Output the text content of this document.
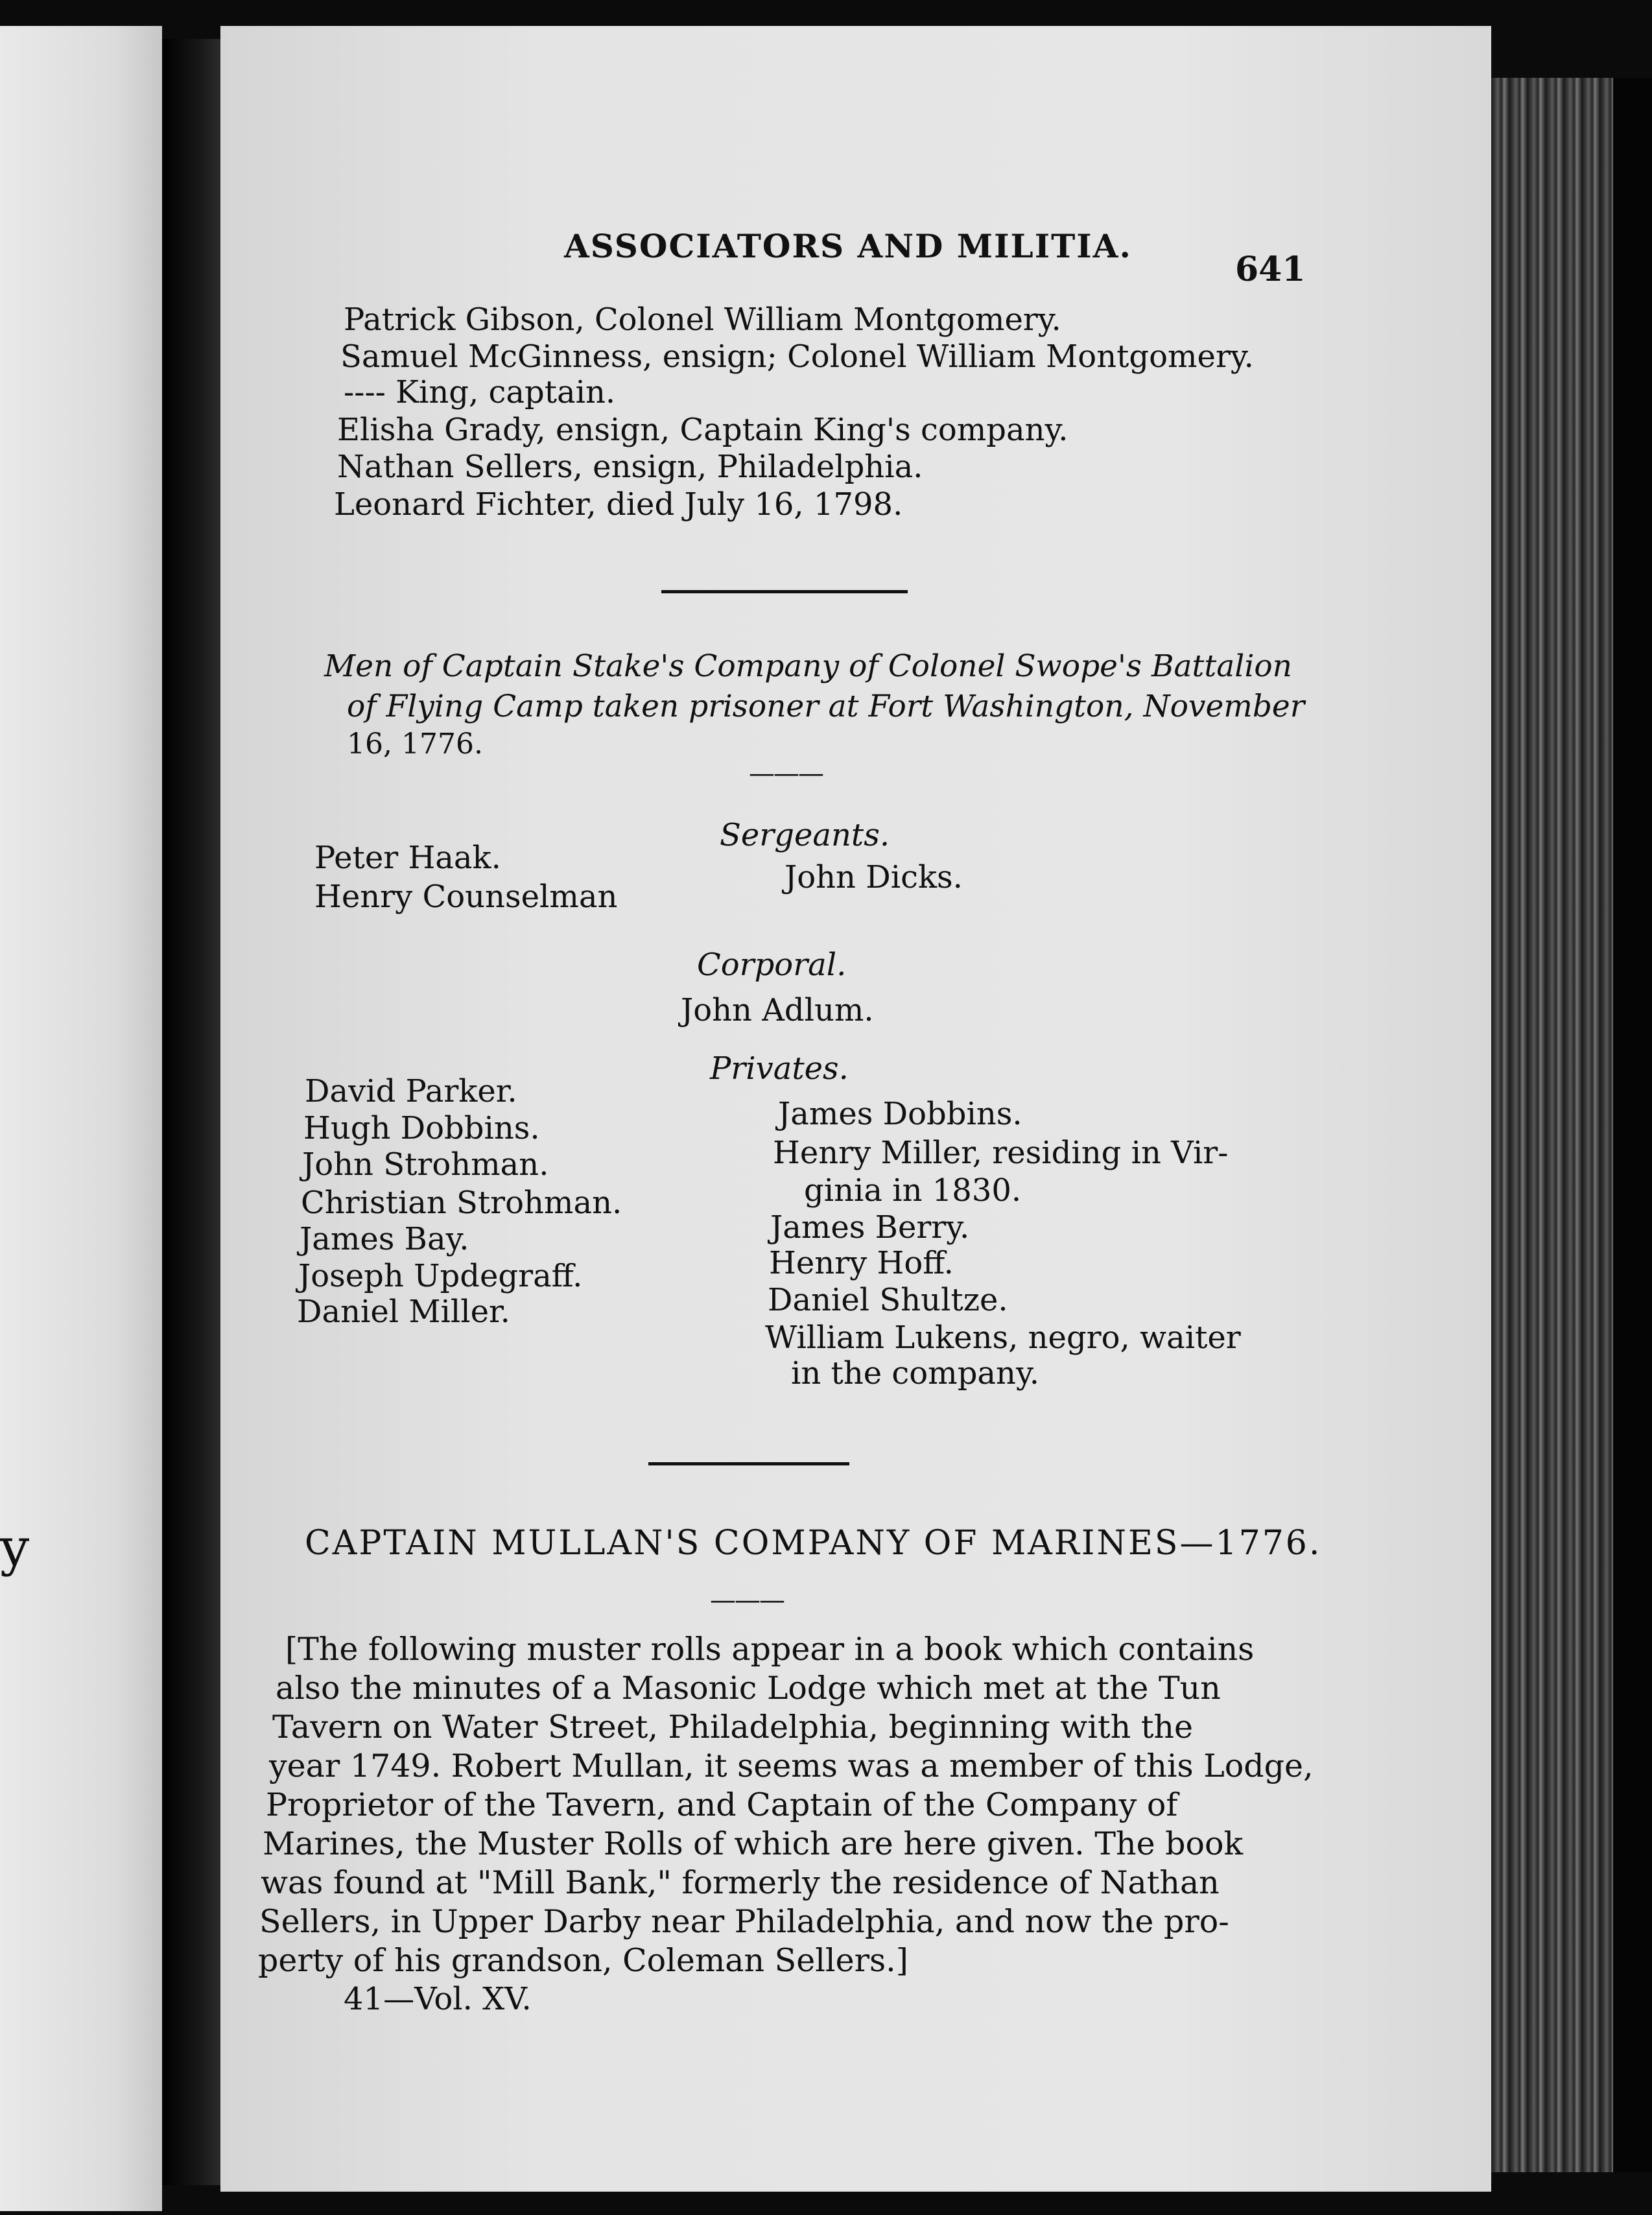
y
ASSOCIATORS AND MILITIA.
641
Patrick Gibson, Colonel William Montgomery.
Samuel McGinness, ensign; Colonel William Montgomery.
---- King, captain.
Elisha Grady, ensign, Captain King's company.
Nathan Sellers, ensign, Philadelphia.
Leonard Fichter, died July 16, 1798.
Men of Captain Stake's Company of Colonel Swope's Battalion
of Flying Camp taken prisoner at Fort Washington, November
16, 1776.
———
Sergeants.
Peter Haak.
Henry Counselman
John Dicks.
Corporal.
John Adlum.
Privates.
David Parker.
Hugh Dobbins.
John Strohman.
Christian Strohman.
James Bay.
Joseph Updegraff.
Daniel Miller.
James Dobbins.
Henry Miller, residing in Vir-
ginia in 1830.
James Berry.
Henry Hoff.
Daniel Shultze.
William Lukens, negro, waiter
in the company.
CAPTAIN MULLAN'S COMPANY OF MARINES—1776.
———
[The following muster rolls appear in a book which contains
also the minutes of a Masonic Lodge which met at the Tun
Tavern on Water Street, Philadelphia, beginning with the
year 1749. Robert Mullan, it seems was a member of this Lodge,
Proprietor of the Tavern, and Captain of the Company of
Marines, the Muster Rolls of which are here given. The book
was found at "Mill Bank," formerly the residence of Nathan
Sellers, in Upper Darby near Philadelphia, and now the pro-
perty of his grandson, Coleman Sellers.]
41—Vol. XV.
